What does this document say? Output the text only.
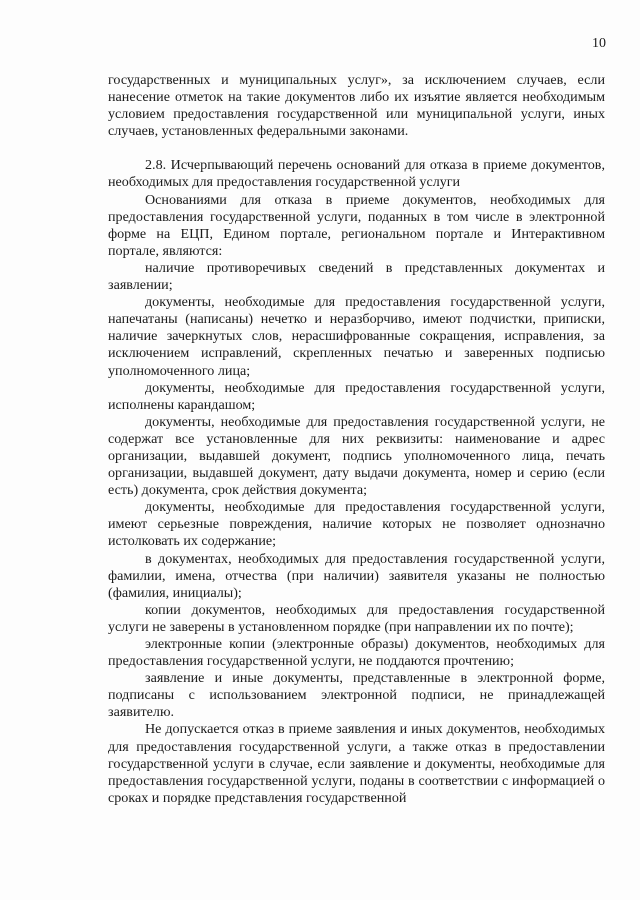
10

государственных и муниципальных услуг», за исключением случаев, если нанесение отметок на такие документов либо их изъятие является необходимым условием предоставления государственной или муниципальной услуги, иных случаев, установленных федеральными законами.

2.8. Исчерпывающий перечень оснований для отказа в приеме документов, необходимых для предоставления государственной услуги

Основаниями для отказа в приеме документов, необходимых для предоставления государственной услуги, поданных в том числе в электронной форме на ЕЦП, Едином портале, региональном портале и Интерактивном портале, являются:

наличие противоречивых сведений в представленных документах и заявлении;

документы, необходимые для предоставления государственной услуги, напечатаны (написаны) нечетко и неразборчиво, имеют подчистки, приписки, наличие зачеркнутых слов, нерасшифрованные сокращения, исправления, за исключением исправлений, скрепленных печатью и заверенных подписью уполномоченного лица;

документы, необходимые для предоставления государственной услуги, исполнены карандашом;

документы, необходимые для предоставления государственной услуги, не содержат все установленные для них реквизиты: наименование и адрес организации, выдавшей документ, подпись уполномоченного лица, печать организации, выдавшей документ, дату выдачи документа, номер и серию (если есть) документа, срок действия документа;

документы, необходимые для предоставления государственной услуги, имеют серьезные повреждения, наличие которых не позволяет однозначно истолковать их содержание;

в документах, необходимых для предоставления государственной услуги, фамилии, имена, отчества (при наличии) заявителя указаны не полностью (фамилия, инициалы);

копии документов, необходимых для предоставления государственной услуги не заверены в установленном порядке (при направлении их по почте);

электронные копии (электронные образы) документов, необходимых для предоставления государственной услуги, не поддаются прочтению;

заявление и иные документы, представленные в электронной форме, подписаны с использованием электронной подписи, не принадлежащей заявителю.

Не допускается отказ в приеме заявления и иных документов, необходимых для предоставления государственной услуги, а также отказ в предоставлении государственной услуги в случае, если заявление и документы, необходимые для предоставления государственной услуги, поданы в соответствии с информацией о сроках и порядке представления государственной
